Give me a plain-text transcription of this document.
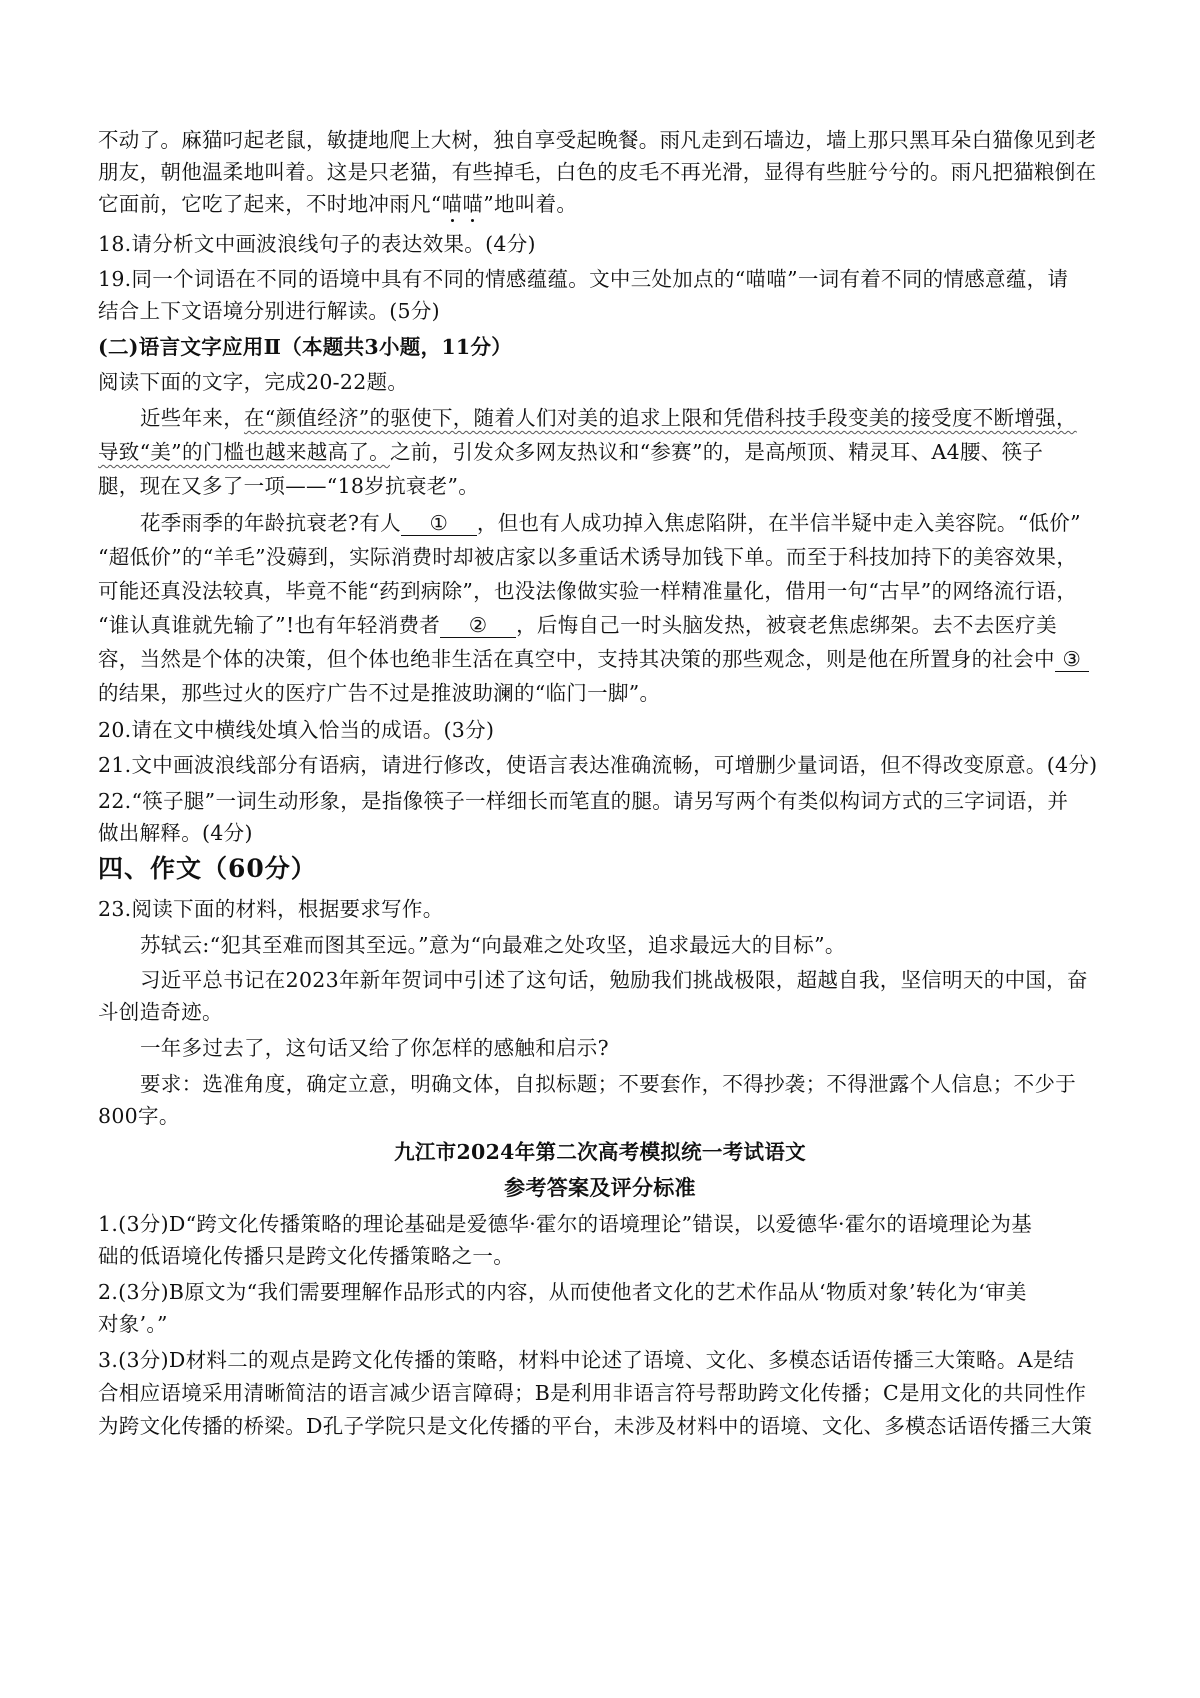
不动了。麻猫叼起老鼠，敏捷地爬上大树，独自享受起晚餐。雨凡走到石墙边，墙上那只黑耳朵白猫像见到老
朋友，朝他温柔地叫着。这是只老猫，有些掉毛，白色的皮毛不再光滑，显得有些脏兮兮的。雨凡把猫粮倒在
它面前，它吃了起来，不时地冲雨凡“喵喵”地叫着。
18.请分析文中画波浪线句子的表达效果。(4分)
19.同一个词语在不同的语境中具有不同的情感蕴蕴。文中三处加点的“喵喵”一词有着不同的情感意蕴，请
结合上下文语境分别进行解读。(5分)
(二)语言文字应用Ⅱ（本题共3小题，11分）
阅读下面的文字，完成20-22题。
近些年来，在“颜值经济”的驱使下，随着人们对美的追求上限和凭借科技手段变美的接受度不断增强，
导致“美”的门槛也越来越高了。之前，引发众多网友热议和“参赛”的，是高颅顶、精灵耳、A4腰、筷子
腿，现在又多了一项——“18岁抗衰老”。
花季雨季的年龄抗衰老?有人 ① ，但也有人成功掉入焦虑陷阱，在半信半疑中走入美容院。“低价”
“超低价”的“羊毛”没薅到，实际消费时却被店家以多重话术诱导加钱下单。而至于科技加持下的美容效果，
可能还真没法较真，毕竟不能“药到病除”，也没法像做实验一样精准量化，借用一句“古早”的网络流行语，
“谁认真谁就先输了”!也有年轻消费者 ② ，后悔自己一时头脑发热，被衰老焦虑绑架。去不去医疗美
容，当然是个体的决策，但个体也绝非生活在真空中，支持其决策的那些观念，则是他在所置身的社会中 ③
的结果，那些过火的医疗广告不过是推波助澜的“临门一脚”。
20.请在文中横线处填入恰当的成语。(3分)
21.文中画波浪线部分有语病，请进行修改，使语言表达准确流畅，可增删少量词语，但不得改变原意。(4分)
22.“筷子腿”一词生动形象，是指像筷子一样细长而笔直的腿。请另写两个有类似构词方式的三字词语，并
做出解释。(4分)
四、作文（60分）
23.阅读下面的材料，根据要求写作。
苏轼云:“犯其至难而图其至远。”意为“向最难之处攻坚，追求最远大的目标”。
习近平总书记在2023年新年贺词中引述了这句话，勉励我们挑战极限，超越自我，坚信明天的中国，奋
斗创造奇迹。
一年多过去了，这句话又给了你怎样的感触和启示?
要求：选准角度，确定立意，明确文体，自拟标题；不要套作，不得抄袭；不得泄露个人信息；不少于
800字。
九江市2024年第二次高考模拟统一考试语文
参考答案及评分标准
1.(3分)D“跨文化传播策略的理论基础是爱德华·霍尔的语境理论”错误，以爱德华·霍尔的语境理论为基
础的低语境化传播只是跨文化传播策略之一。
2.(3分)B原文为“我们需要理解作品形式的内容，从而使他者文化的艺术作品从‘物质对象’转化为‘审美
对象’。”
3.(3分)D材料二的观点是跨文化传播的策略，材料中论述了语境、文化、多模态话语传播三大策略。A是结
合相应语境采用清晰简洁的语言减少语言障碍；B是利用非语言符号帮助跨文化传播；C是用文化的共同性作
为跨文化传播的桥梁。D孔子学院只是文化传播的平台，未涉及材料中的语境、文化、多模态话语传播三大策
